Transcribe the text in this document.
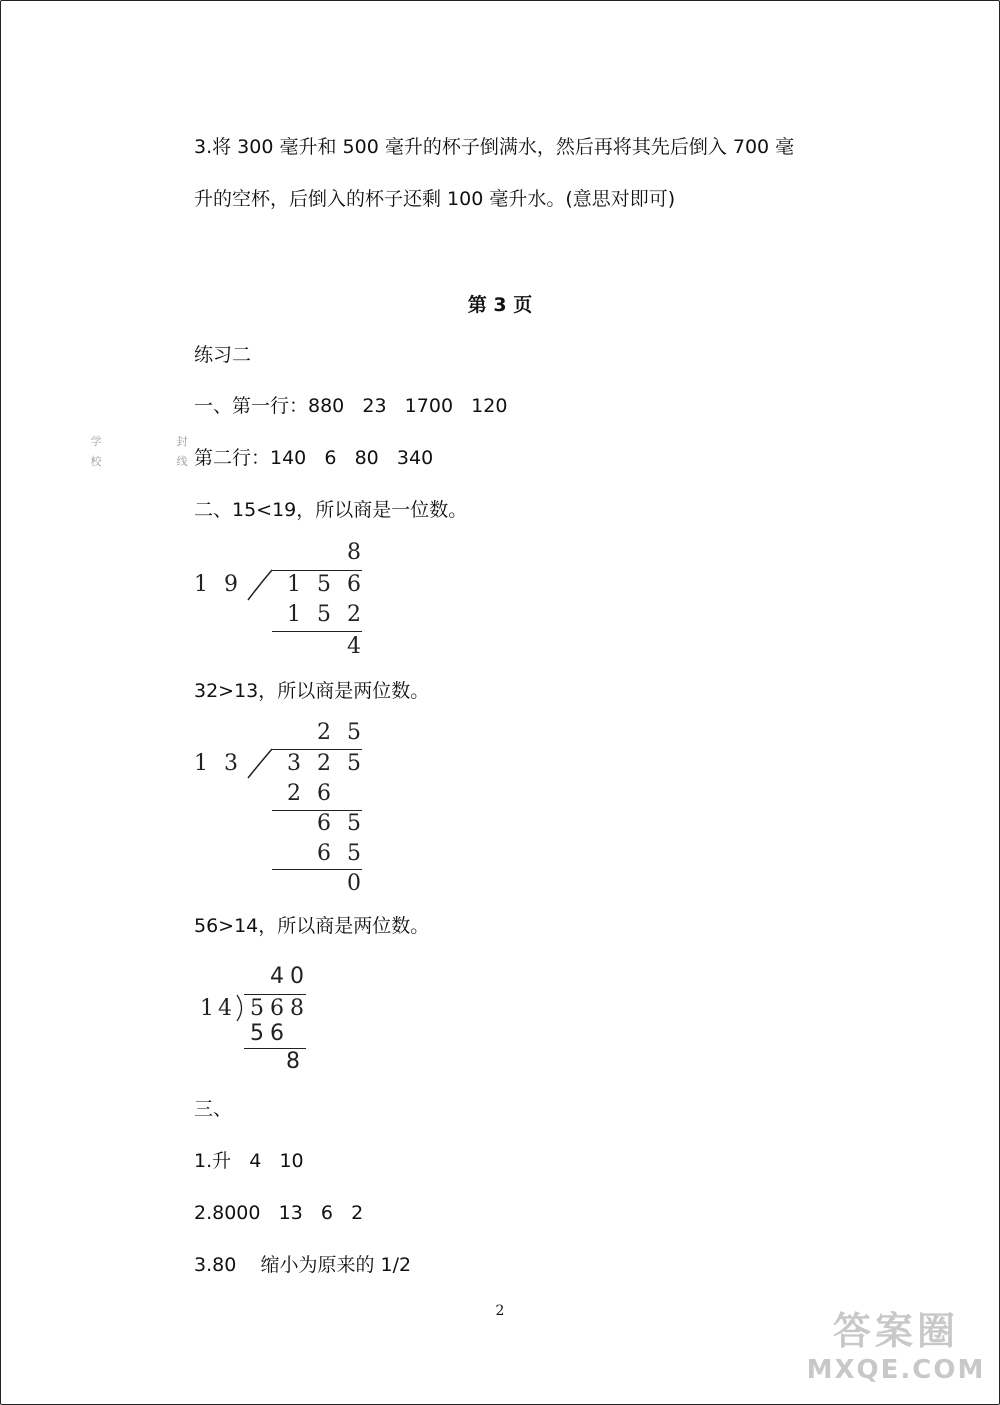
3.将 300 毫升和 500 毫升的杯子倒满水，然后再将其先后倒入 700 毫
升的空杯，后倒入的杯子还剩 100 毫升水。(意思对即可)
第 3 页
练习二
一、第一行：880   23   1700   120
第二行：140   6   80   340
学
校
封
线
二、15<19，所以商是一位数。
8
1 9 1 5 6
1 5 2
4
32>13，所以商是两位数。
2 5
1 3 3 2 5
2 6
6 5
6 5
0
56>14，所以商是两位数。
4 0
1 4 5 6 8
5 6
8
三、
1.升   4   10
2.8000   13   6   2
3.80    缩小为原来的 1/2
2	答案圈
MXQE.COM
